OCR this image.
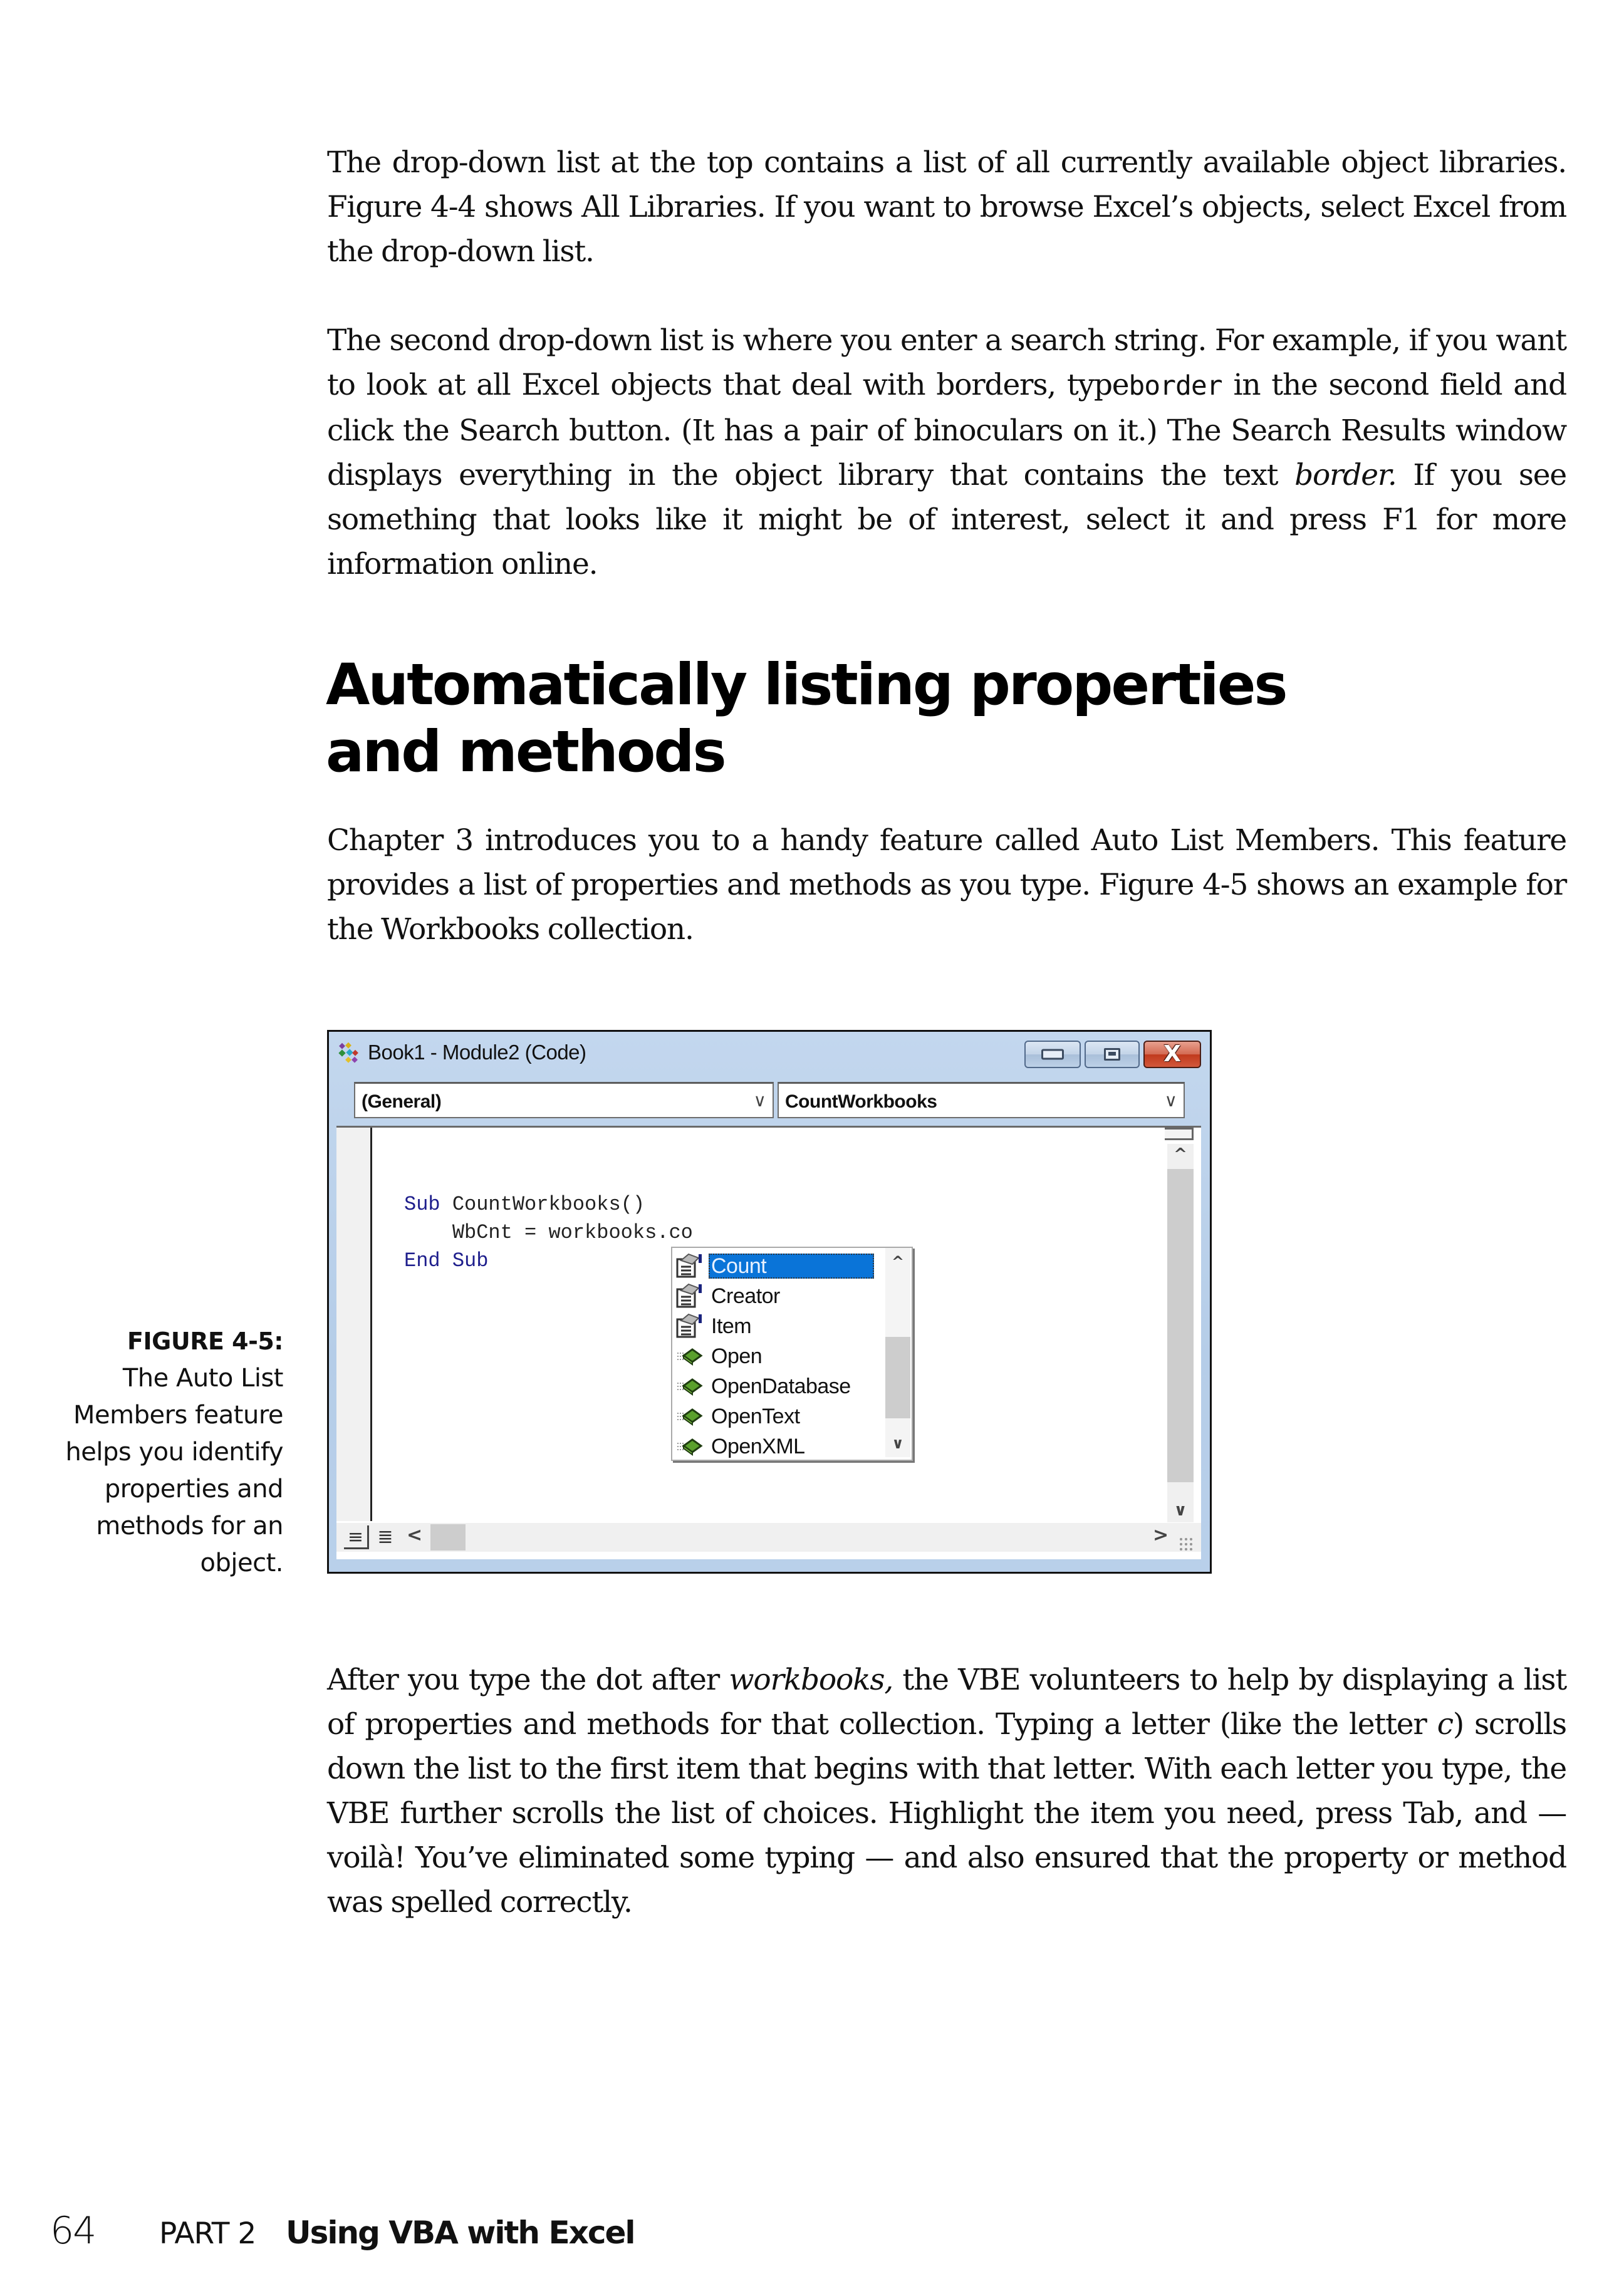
The drop-down list at the top contains a list of all currently available object libraries. Figure 4-4 shows All Libraries. If you want to browse Excel’s objects, select Excel from the drop-down list.

The second drop-down list is where you enter a search string. For example, if you want to look at all Excel objects that deal with borders, typeborder in the second field and click the Search button. (It has a pair of binoculars on it.) The Search Results window displays everything in the object library that contains the text border. If you see something that looks like it might be of interest, select it and press F1 for more information online.

Automatically listing properties
and methods

Chapter 3 introduces you to a handy feature called Auto List Members. This feature provides a list of properties and methods as you type. Figure 4-5 shows an example for the Workbooks collection.

FIGURE 4-5:
The Auto List Members feature helps you identify properties and methods for an object.
Book1 - Module2 (Code)	X
(General)	∨ CountWorkbooks	∨
Sub CountWorkbooks()
WbCnt = workbooks.co
End Sub
^
∨
≡ ≣ <	>
Count
Creator
Item
Open
OpenDatabase
OpenText
OpenXML
^
∨

After you type the dot after workbooks, the VBE volunteers to help by displaying a list of properties and methods for that collection. Typing a letter (like the letter c) scrolls down the list to the first item that begins with that letter. With each letter you type, the VBE further scrolls the list of choices. Highlight the item you need, press Tab, and — voilà! You’ve eliminated some typing — and also ensured that the property or method was spelled correctly.

64 PART 2 Using VBA with Excel
